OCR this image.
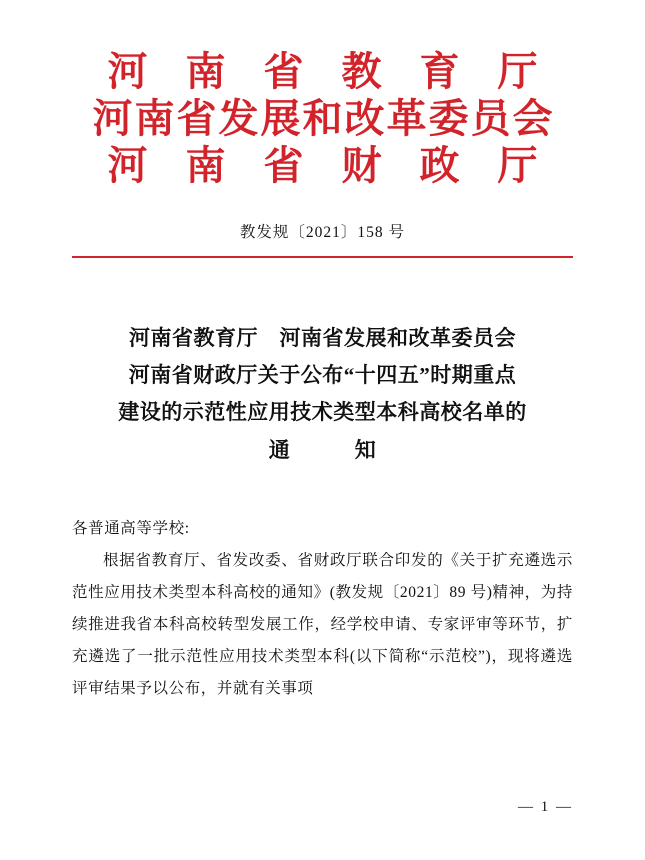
河 南 省 教 育 厅
河南省发展和改革委员会
河 南 省 财 政 厅
教发规〔2021〕158 号
河南省教育厅　河南省发展和改革委员会
河南省财政厅关于公布“十四五”时期重点
建设的示范性应用技术类型本科高校名单的
通　　　知
各普通高等学校:
根据省教育厅、省发改委、省财政厅联合印发的《关于扩充遴选示范性应用技术类型本科高校的通知》(教发规〔2021〕89 号)精神，为持续推进我省本科高校转型发展工作，经学校申请、专家评审等环节，扩充遴选了一批示范性应用技术类型本科(以下简称“示范校”)，现将遴选评审结果予以公布，并就有关事项
— 1 —
